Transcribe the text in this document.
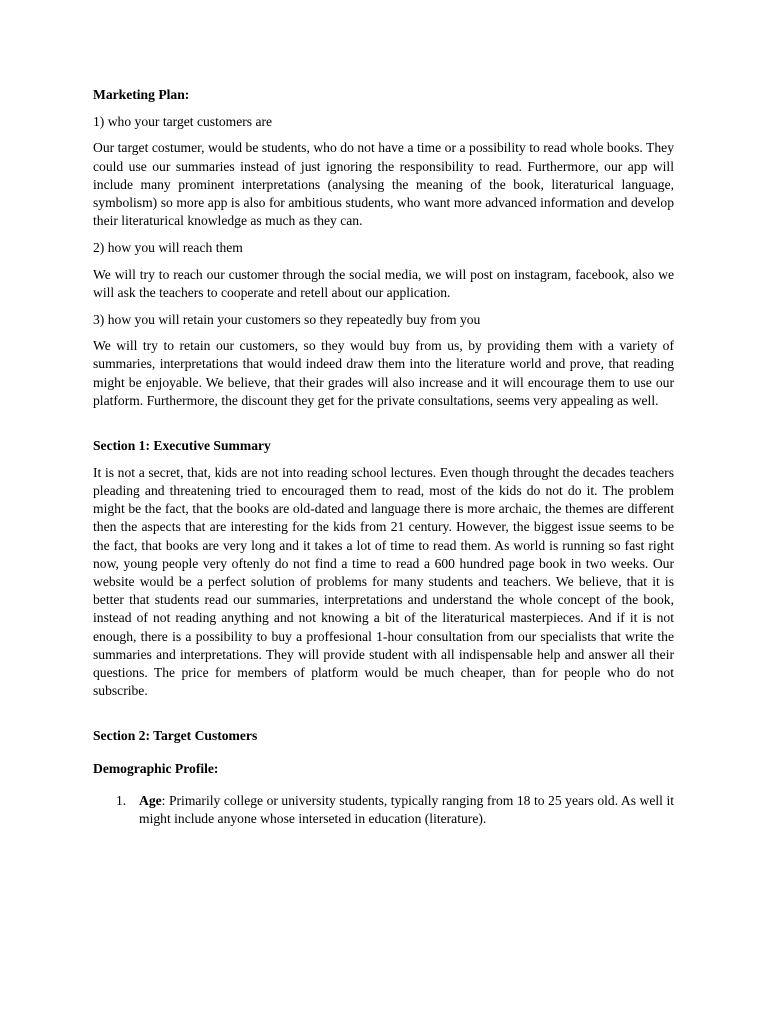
Marketing Plan:
1) who your target customers are
Our target costumer, would be students, who do not have a time or a possibility to read whole books. They could use our summaries instead of just ignoring the responsibility to read. Furthermore, our app will include many prominent interpretations (analysing the meaning of the book, literaturical language, symbolism) so more app is also for ambitious students, who want more advanced information and develop their literaturical knowledge as much as they can.
2) how you will reach them
We will try to reach our customer through the social media, we will post on instagram, facebook, also we will ask the teachers to cooperate and retell about our application.
3) how you will retain your customers so they repeatedly buy from you
We will try to retain our customers, so they would buy from us, by providing them with a variety of summaries, interpretations that would indeed draw them into the literature world and prove, that reading might be enjoyable. We believe, that their grades will also increase and it will encourage them to use our platform. Furthermore, the discount they get for the private consultations, seems very appealing as well.
Section 1: Executive Summary
It is not a secret, that, kids are not into reading school lectures. Even though throught the decades teachers pleading and threatening tried to encouraged them to read, most of the kids do not do it. The problem might be the fact, that the books are old-dated and language there is more archaic, the themes are different then the aspects that are interesting for the kids from 21 century. However, the biggest issue seems to be the fact, that books are very long and it takes a lot of time to read them. As world is running so fast right now, young people very oftenly do not find a time to read a 600 hundred page book in two weeks. Our website would be a perfect solution of problems for many students and teachers. We believe, that it is better that students read our summaries, interpretations and understand the whole concept of the book, instead of not reading anything and not knowing a bit of the literaturical masterpieces. And if it is not enough, there is a possibility to buy a proffesional 1-hour consultation from our specialists that write the summaries and interpretations. They will provide student with all indispensable help and answer all their questions. The price for members of platform would be much cheaper, than for people who do not subscribe.
Section 2: Target Customers
Demographic Profile:
1. Age: Primarily college or university students, typically ranging from 18 to 25 years old. As well it might include anyone whose interseted in education (literature).
